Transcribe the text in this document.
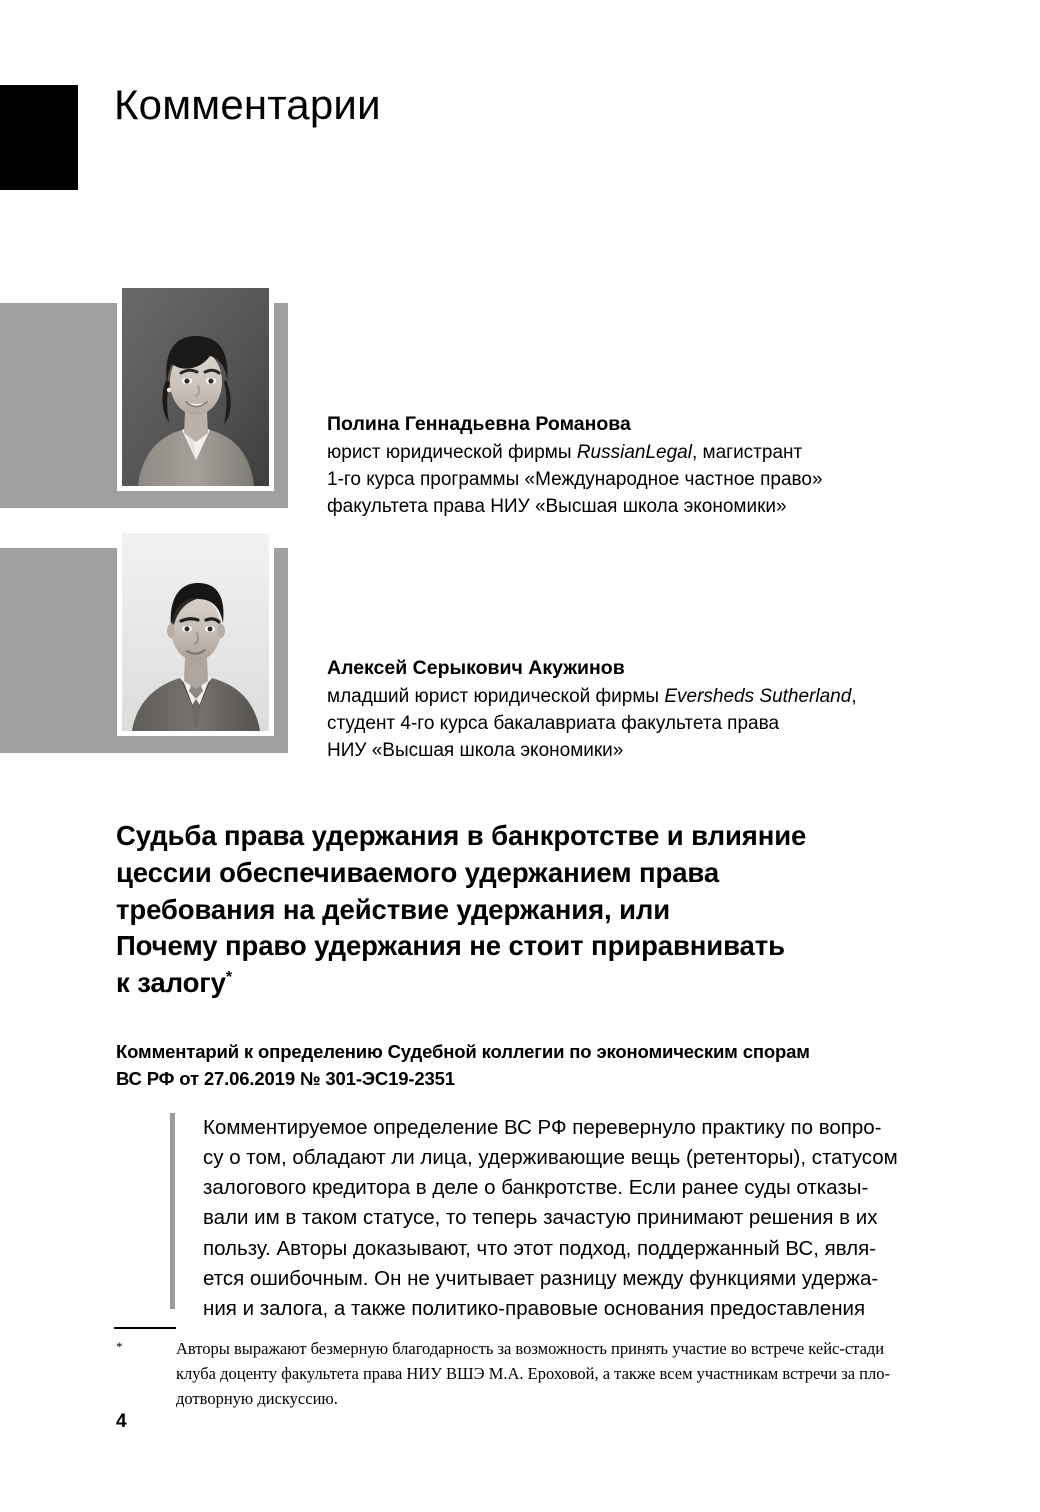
Комментарии

Полина Геннадьевна Романова

юрист юридической фирмы RussianLegal, магистрант

1-го курса программы «Международное частное право»

факультета права НИУ «Высшая школа экономики»

Алексей Серыкович Акужинов

младший юрист юридической фирмы Eversheds Sutherland,

студент 4-го курса бакалавриата факультета права

НИУ «Высшая школа экономики»

Судьба права удержания в банкротстве и влияние
цессии обеспечиваемого удержанием права
требования на действие удержания, или
Почему право удержания не стоит приравнивать
к залогу*
Комментарий к определению Судебной коллегии по экономическим спорам
ВС РФ от 27.06.2019 № 301-ЭС19-2351
Комментируемое определение ВС РФ перевернуло практику по вопро-
су о том, обладают ли лица, удерживающие вещь (ретенторы), статусом
залогового кредитора в деле о банкротстве. Если ранее суды отказы-
вали им в таком статусе, то теперь зачастую принимают решения в их
пользу. Авторы доказывают, что этот подход, поддержанный ВС, явля-
ется ошибочным. Он не учитывает разницу между функциями удержа-
ния и залога, а также политико-правовые основания предоставления
*	Авторы выражают безмерную благодарность за возможность принять участие во встрече кейс-стади
клуба доценту факультета права НИУ ВШЭ М.А. Ероховой, а также всем участникам встречи за пло-
дотворную дискуссию.
4
